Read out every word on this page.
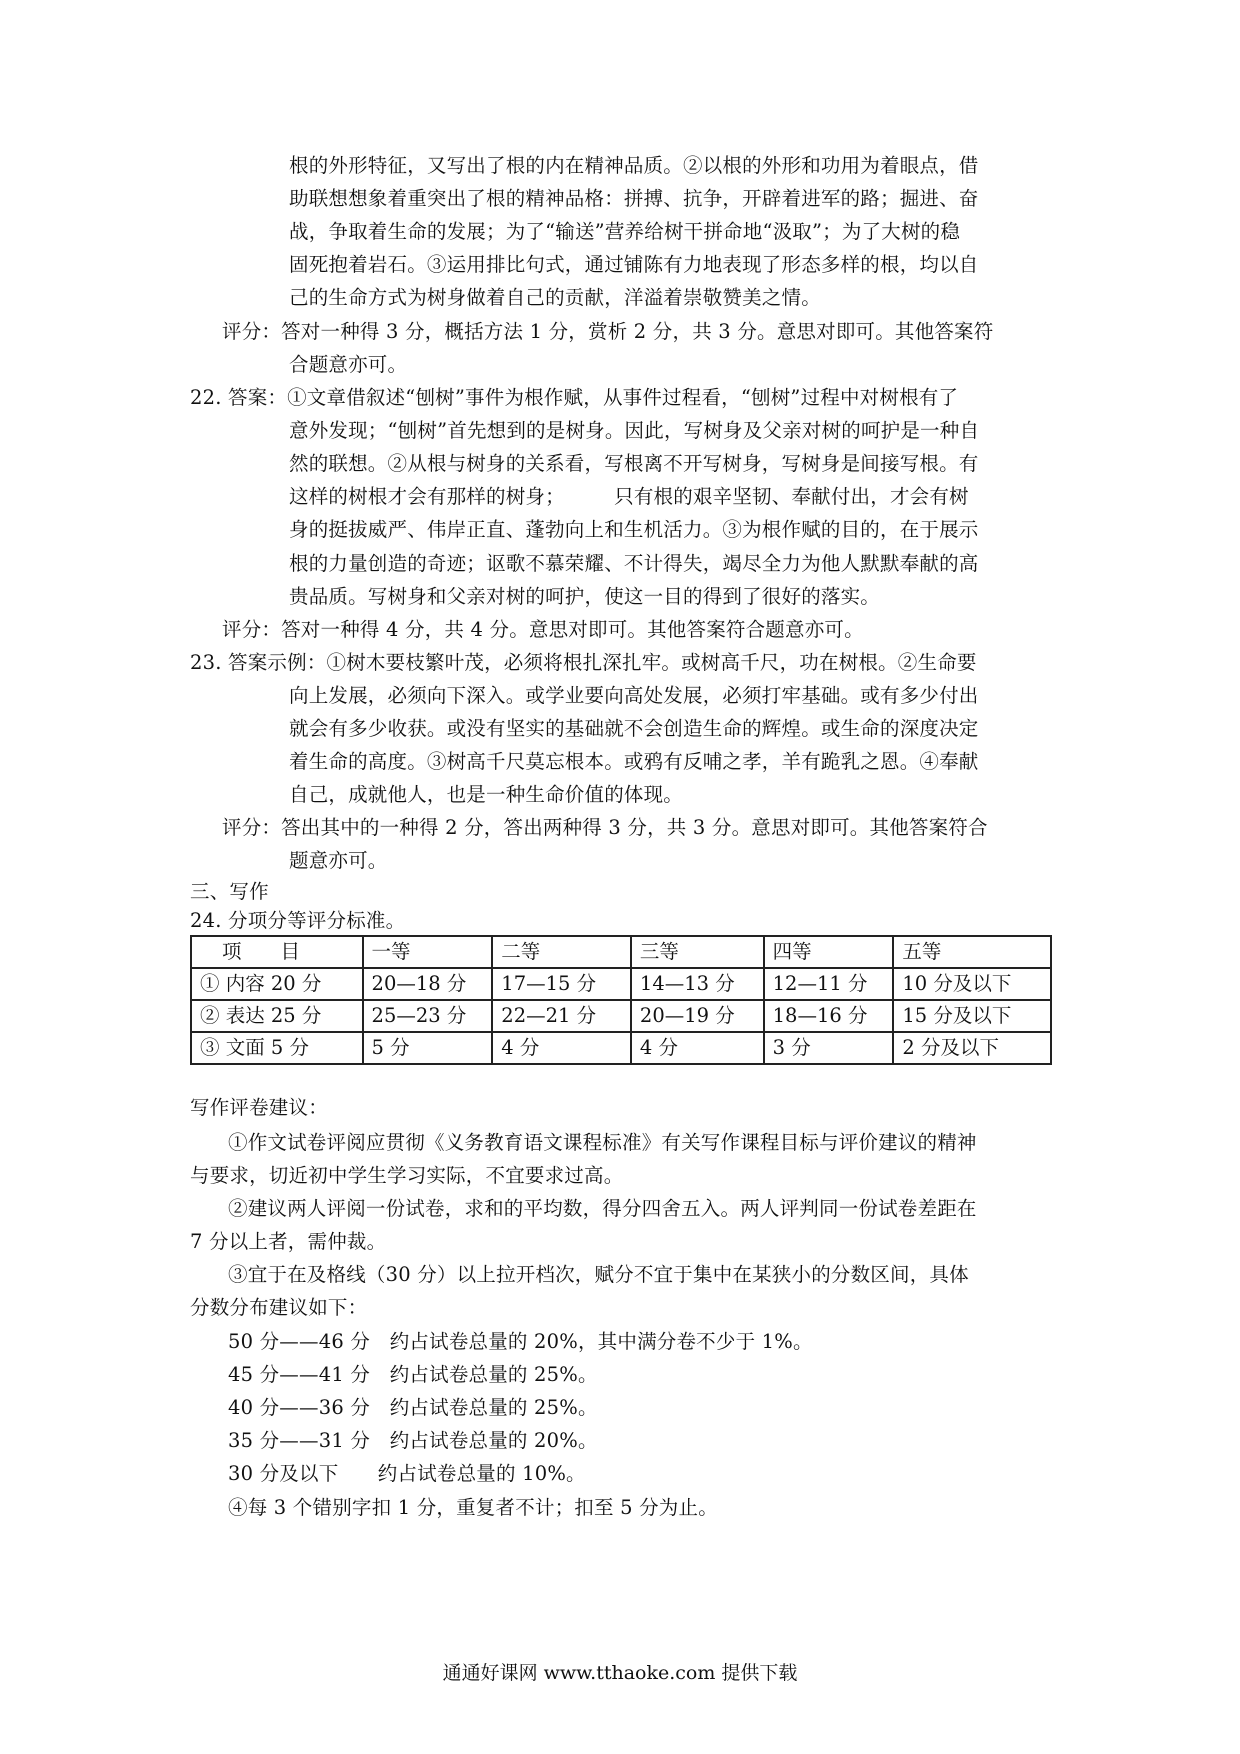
根的外形特征，又写出了根的内在精神品质。②以根的外形和功用为着眼点，借
助联想想象着重突出了根的精神品格：拼搏、抗争，开辟着进军的路；掘进、奋
战，争取着生命的发展；为了“输送”营养给树干拼命地“汲取”；为了大树的稳
固死抱着岩石。③运用排比句式，通过铺陈有力地表现了形态多样的根，均以自
己的生命方式为树身做着自己的贡献，洋溢着崇敬赞美之情。
评分：答对一种得 3 分，概括方法 1 分，赏析 2 分，共 3 分。意思对即可。其他答案符
合题意亦可。
22. 答案：①文章借叙述“刨树”事件为根作赋，从事件过程看，“刨树”过程中对树根有了
意外发现；“刨树”首先想到的是树身。因此，写树身及父亲对树的呵护是一种自
然的联想。②从根与树身的关系看，写根离不开写树身，写树身是间接写根。有
这样的树根才会有那样的树身；　　　只有根的艰辛坚韧、奉献付出，才会有树
身的挺拔威严、伟岸正直、蓬勃向上和生机活力。③为根作赋的目的，在于展示
根的力量创造的奇迹；讴歌不慕荣耀、不计得失，竭尽全力为他人默默奉献的高
贵品质。写树身和父亲对树的呵护，使这一目的得到了很好的落实。
评分：答对一种得 4 分，共 4 分。意思对即可。其他答案符合题意亦可。
23. 答案示例：①树木要枝繁叶茂，必须将根扎深扎牢。或树高千尺，功在树根。②生命要
向上发展，必须向下深入。或学业要向高处发展，必须打牢基础。或有多少付出
就会有多少收获。或没有坚实的基础就不会创造生命的辉煌。或生命的深度决定
着生命的高度。③树高千尺莫忘根本。或鸦有反哺之孝，羊有跪乳之恩。④奉献
自己，成就他人，也是一种生命价值的体现。
评分：答出其中的一种得 2 分，答出两种得 3 分，共 3 分。意思对即可。其他答案符合
题意亦可。
三、写作
24. 分项分等评分标准。
项　　目	一等	二等	三等	四等	五等
① 内容 20 分	20—18 分	17—15 分	14—13 分	12—11 分	10 分及以下
② 表达 25 分	25—23 分	22—21 分	20—19 分	18—16 分	15 分及以下
③ 文面 5 分	5 分	4 分	4 分	3 分	2 分及以下
写作评卷建议：
①作文试卷评阅应贯彻《义务教育语文课程标准》有关写作课程目标与评价建议的精神
与要求，切近初中学生学习实际，不宜要求过高。
②建议两人评阅一份试卷，求和的平均数，得分四舍五入。两人评判同一份试卷差距在
7 分以上者，需仲裁。
③宜于在及格线（30 分）以上拉开档次，赋分不宜于集中在某狭小的分数区间，具体
分数分布建议如下：
50 分——46 分　约占试卷总量的 20%，其中满分卷不少于 1%。
45 分——41 分　约占试卷总量的 25%。
40 分——36 分　约占试卷总量的 25%。
35 分——31 分　约占试卷总量的 20%。
30 分及以下　　约占试卷总量的 10%。
④每 3 个错别字扣 1 分，重复者不计；扣至 5 分为止。
通通好课网 www.tthaoke.com 提供下载
